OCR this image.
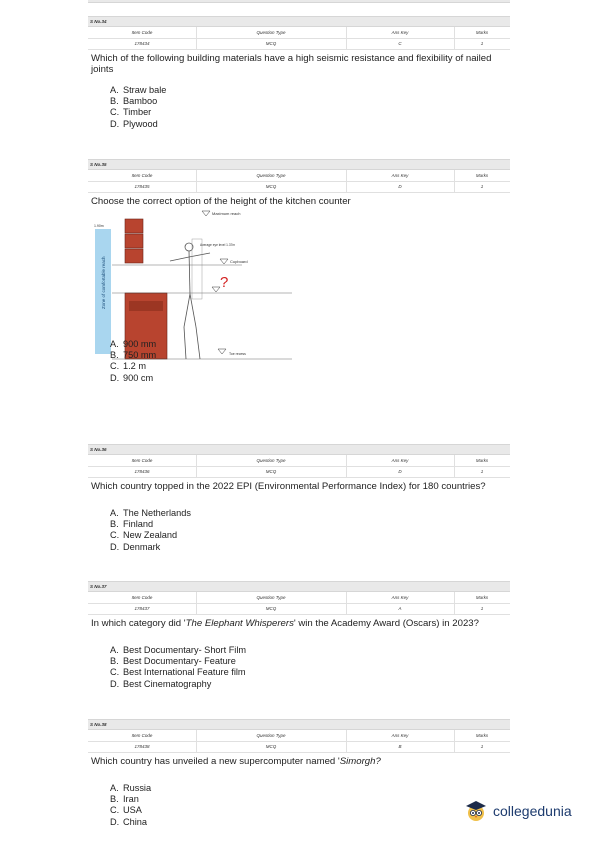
S No.34
Item Code	Question Type	Ans Key	Marks
178434	MCQ	C	1
Which of the following building materials have a high seismic resistance and flexibility of nailed joints
A. Straw bale
B. Bamboo
C. Timber
D. Plywood
S No.35
Item Code	Question Type	Ans Key	Marks
178435	MCQ	D	1
Choose the correct option of the height of the kitchen counter
Zone of comfortable reach
1.90m
Maximum reach
Average eye level 1.37m
Cupboard
?
Toe recess
A. 900 mm
B. 750 mm
C. 1.2 m
D. 900 cm
S No.36
Item Code	Question Type	Ans Key	Marks
178436	MCQ	D	1
Which country topped in the 2022 EPI (Environmental Performance Index) for 180 countries?
A. The Netherlands
B. Finland
C. New Zealand
D. Denmark
S No.37
Item Code	Question Type	Ans Key	Marks
178437	MCQ	A	1
In which category did 'The Elephant Whisperers' win the Academy Award (Oscars) in 2023?
A. Best Documentary- Short Film
B. Best Documentary- Feature
C. Best International Feature film
D. Best Cinematography
S No.38
Item Code	Question Type	Ans Key	Marks
178438	MCQ	B	1
Which country has unveiled a new supercomputer named 'Simorgh?
A. Russia
B. Iran
C. USA
D. China
collegedunia
